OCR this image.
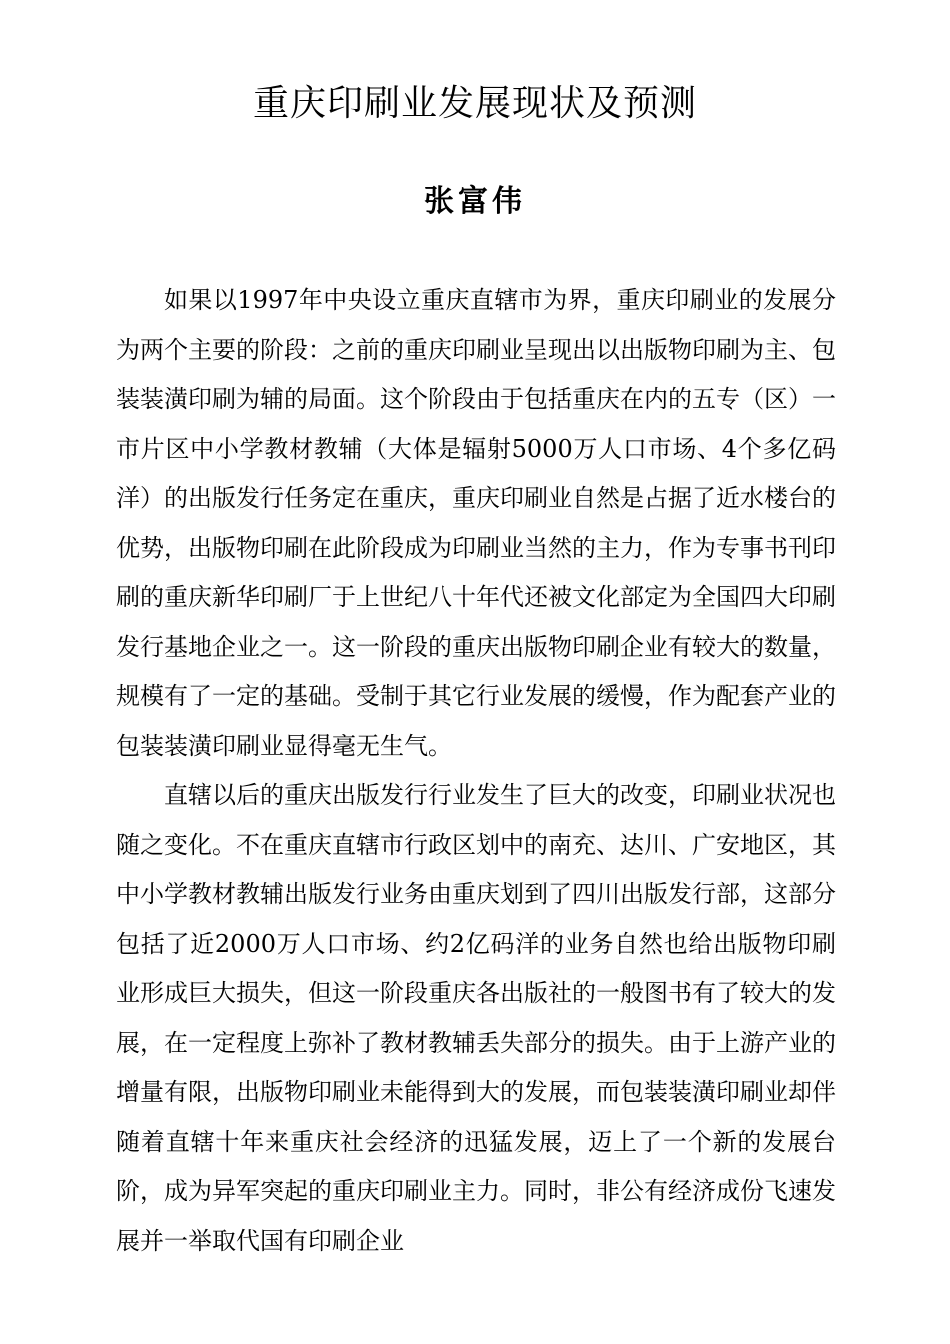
重庆印刷业发展现状及预测
张富伟

如果以1997年中央设立重庆直辖市为界，重庆印刷业的发展分为两个主要的阶段：之前的重庆印刷业呈现出以出版物印刷为主、包装装潢印刷为辅的局面。这个阶段由于包括重庆在内的五专（区）一市片区中小学教材教辅（大体是辐射5000万人口市场、4个多亿码洋）的出版发行任务定在重庆，重庆印刷业自然是占据了近水楼台的优势，出版物印刷在此阶段成为印刷业当然的主力，作为专事书刊印刷的重庆新华印刷厂于上世纪八十年代还被文化部定为全国四大印刷发行基地企业之一。这一阶段的重庆出版物印刷企业有较大的数量，规模有了一定的基础。受制于其它行业发展的缓慢，作为配套产业的包装装潢印刷业显得毫无生气。

直辖以后的重庆出版发行行业发生了巨大的改变，印刷业状况也随之变化。不在重庆直辖市行政区划中的南充、达川、广安地区，其中小学教材教辅出版发行业务由重庆划到了四川出版发行部，这部分包括了近2000万人口市场、约2亿码洋的业务自然也给出版物印刷业形成巨大损失，但这一阶段重庆各出版社的一般图书有了较大的发展，在一定程度上弥补了教材教辅丢失部分的损失。由于上游产业的增量有限，出版物印刷业未能得到大的发展，而包装装潢印刷业却伴随着直辖十年来重庆社会经济的迅猛发展，迈上了一个新的发展台阶，成为异军突起的重庆印刷业主力。同时，非公有经济成份飞速发展并一举取代国有印刷企业
